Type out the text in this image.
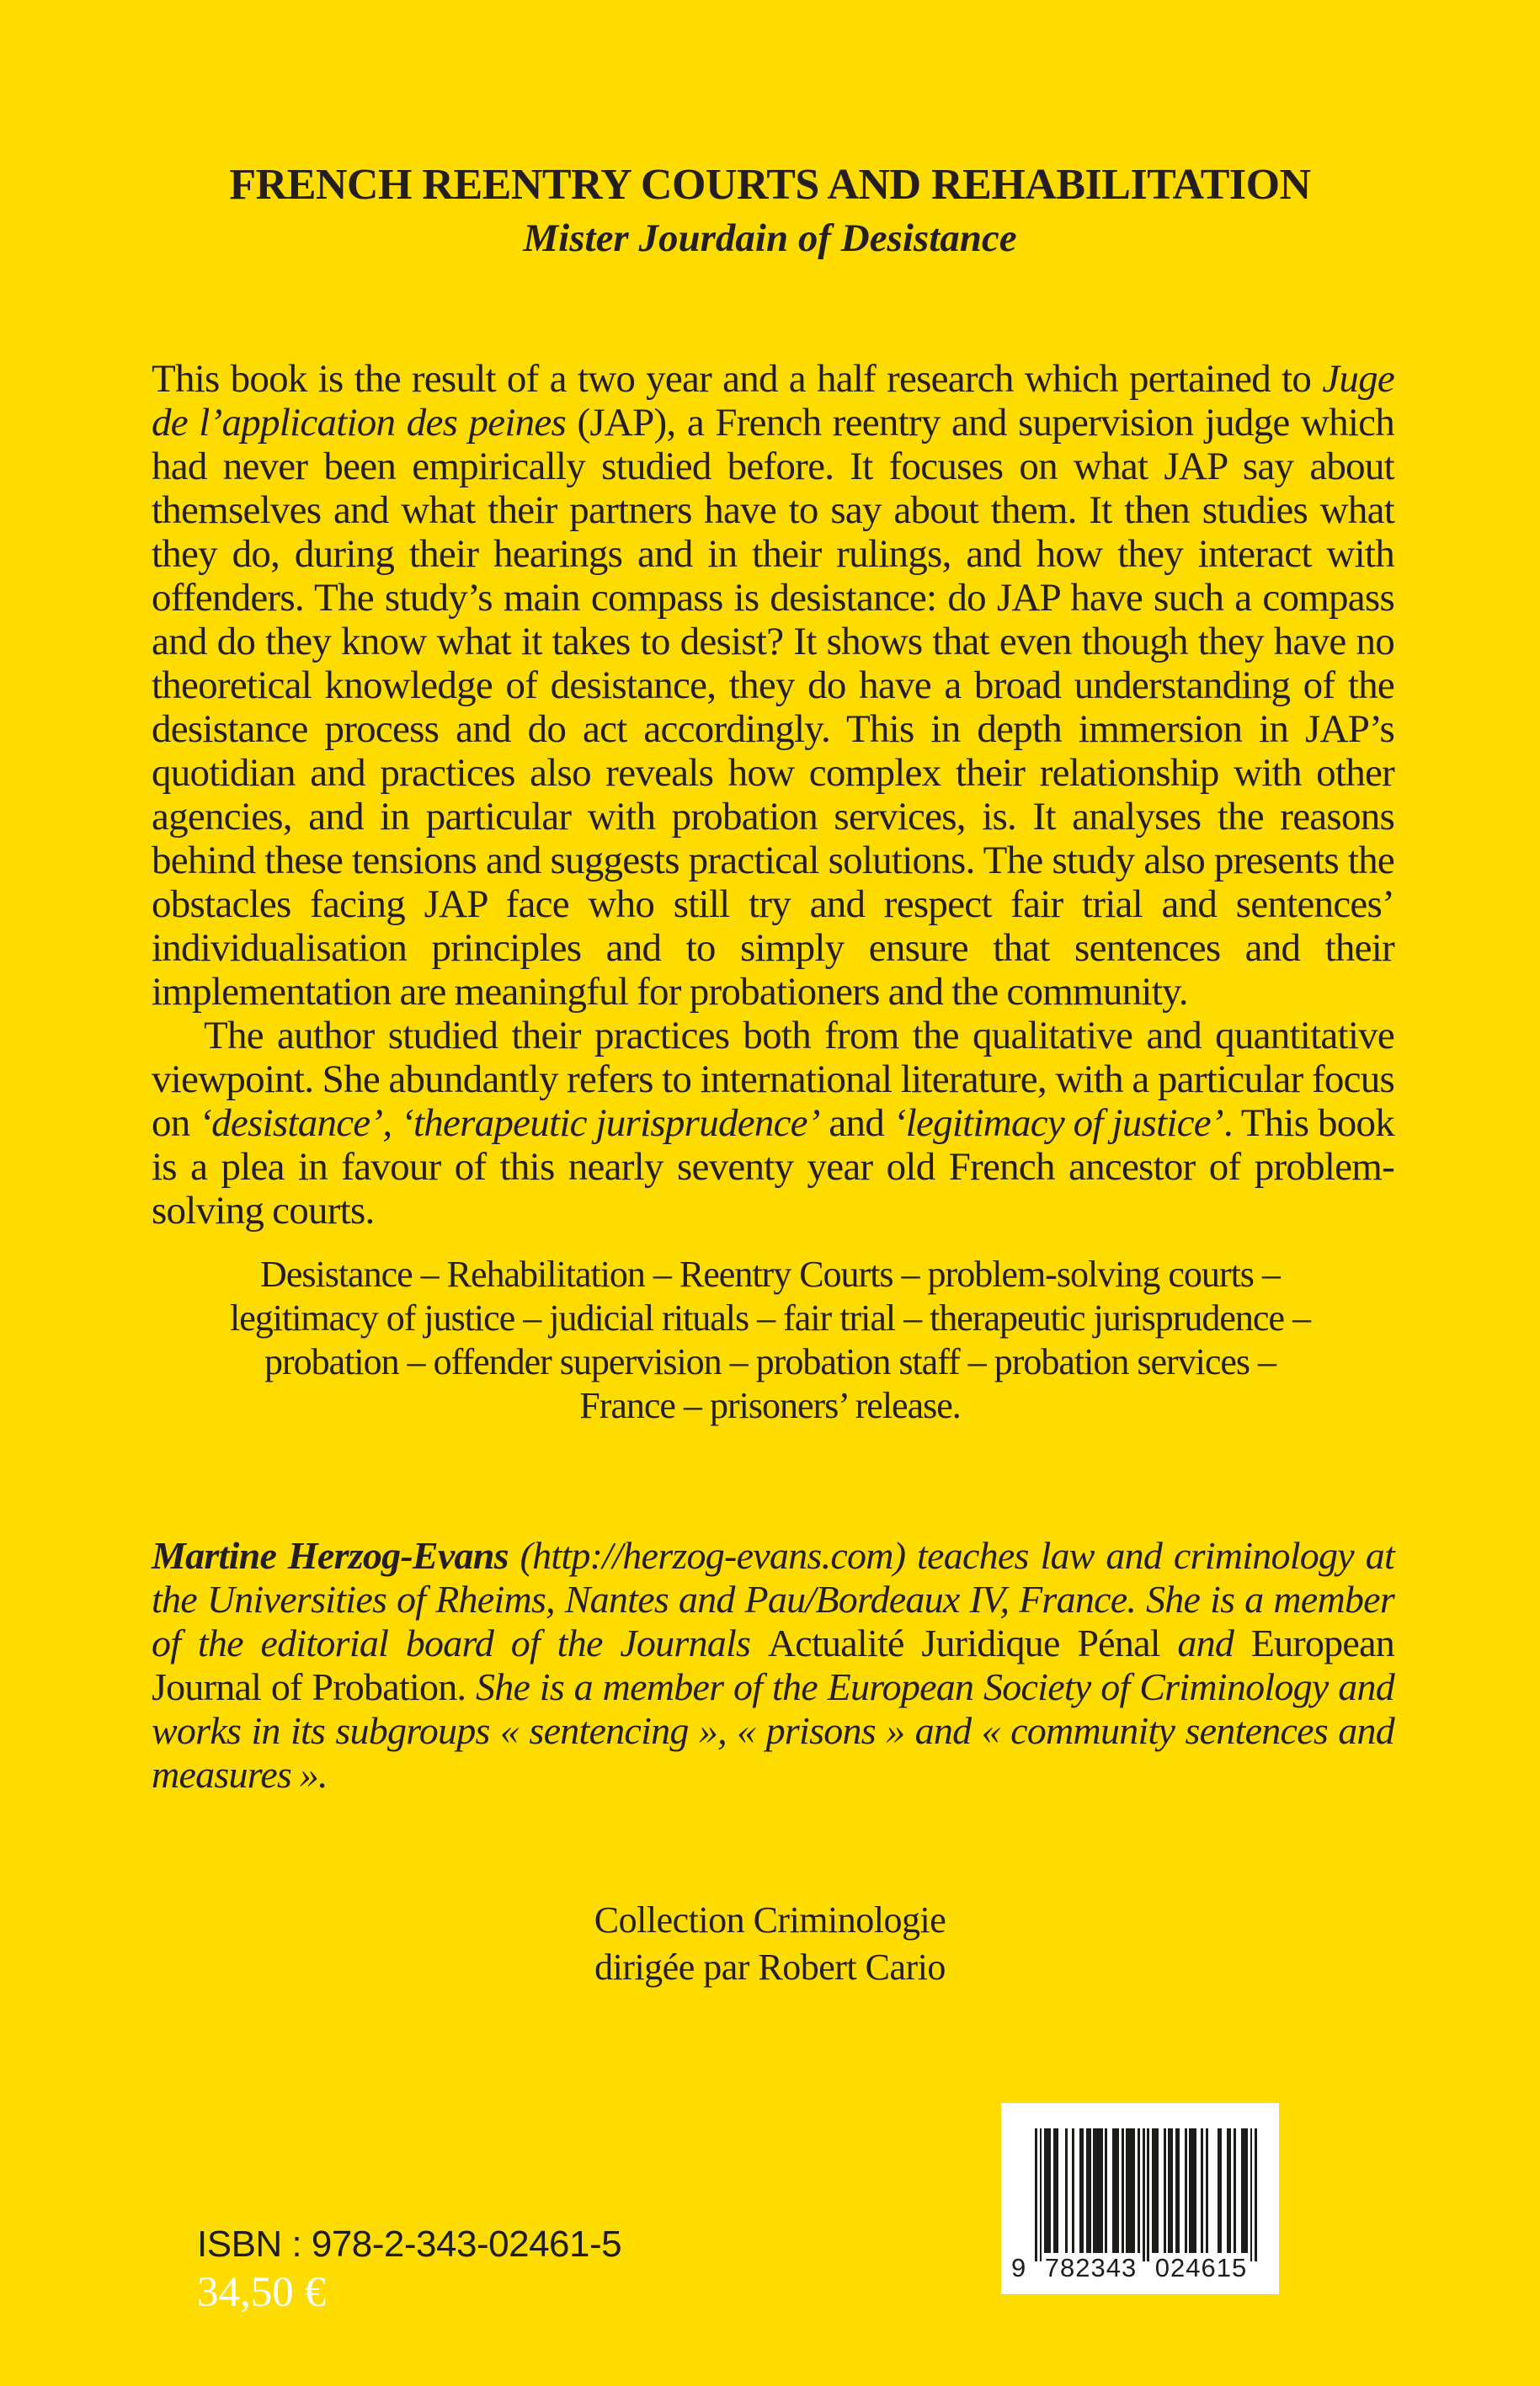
FRENCH REENTRY COURTS AND REHABILITATION
Mister Jourdain of Desistance

This book is the result of a two year and a half research which pertained to Juge de l’application des peines (JAP), a French reentry and supervision judge which had never been empirically studied before. It focuses on what JAP say about themselves and what their partners have to say about them. It then studies what they do, during their hearings and in their rulings, and how they interact with offenders. The study’s main compass is desistance: do JAP have such a compass and do they know what it takes to desist? It shows that even though they have no theoretical knowledge of desistance, they do have a broad understanding of the desistance process and do act accordingly. This in depth immersion in JAP’s quotidian and practices also reveals how complex their relationship with other agencies, and in particular with probation services, is. It analyses the reasons behind these tensions and suggests practical solutions. The study also presents the obstacles facing JAP face who still try and respect fair trial and sentences’ individualisation principles and to simply ensure that sentences and their implementation are meaningful for probationers and the community.

The author studied their practices both from the qualitative and quantitative viewpoint. She abundantly refers to international literature, with a particular focus on ‘desistance’, ‘therapeutic jurisprudence’ and ‘legitimacy of justice’. This book is a plea in favour of this nearly seventy year old French ancestor of problem-solving courts.

Desistance – Rehabilitation – Reentry Courts – problem-solving courts –
legitimacy of justice – judicial rituals – fair trial – therapeutic jurisprudence –
probation – offender supervision – probation staff – probation services –
France – prisoners’ release.
Martine Herzog-Evans (http://herzog-evans.com) teaches law and criminology at the Universities of Rheims, Nantes and Pau/Bordeaux IV, France. She is a member of the editorial board of the Journals Actualité Juridique Pénal and European Journal of Probation. She is a member of the European Society of Criminology and works in its subgroups « sentencing », « prisons » and « community sentences and measures ».
Collection Criminologie
dirigée par Robert Cario
ISBN : 978-2-343-02461-5
34,50 €
9 782343 024615
